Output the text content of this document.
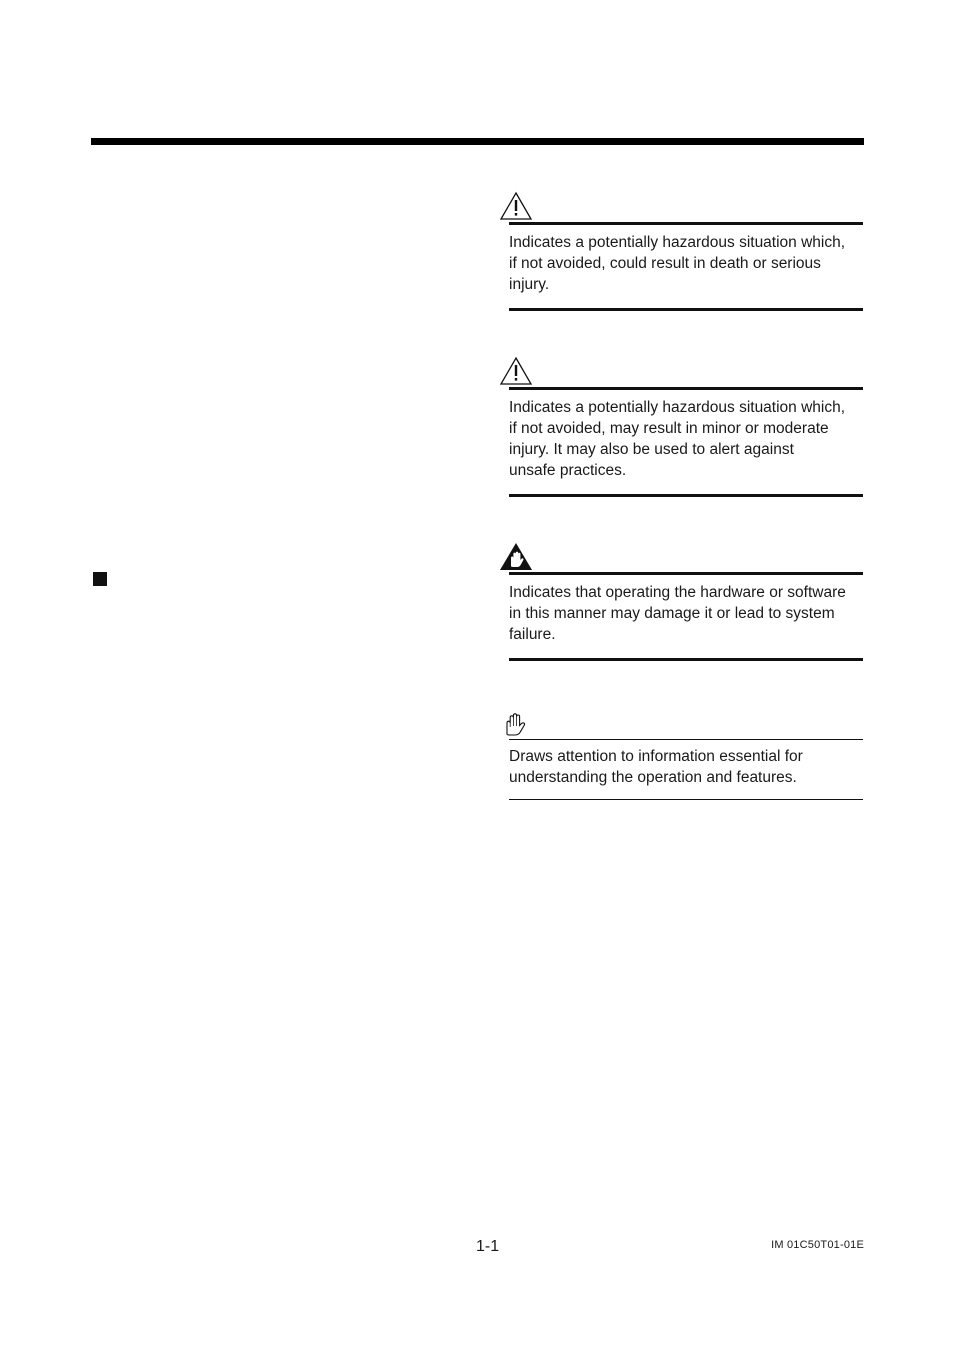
Indicates a potentially hazardous situation which,
if not avoided, could result in death or serious
injury.
Indicates a potentially hazardous situation which,
if not avoided, may result in minor or moderate
injury. It may also be used to alert against
unsafe practices.
Indicates that operating the hardware or software
in this manner may damage it or lead to system
failure.
Draws attention to information essential for
understanding the operation and features.
1-1	IM 01C50T01-01E
